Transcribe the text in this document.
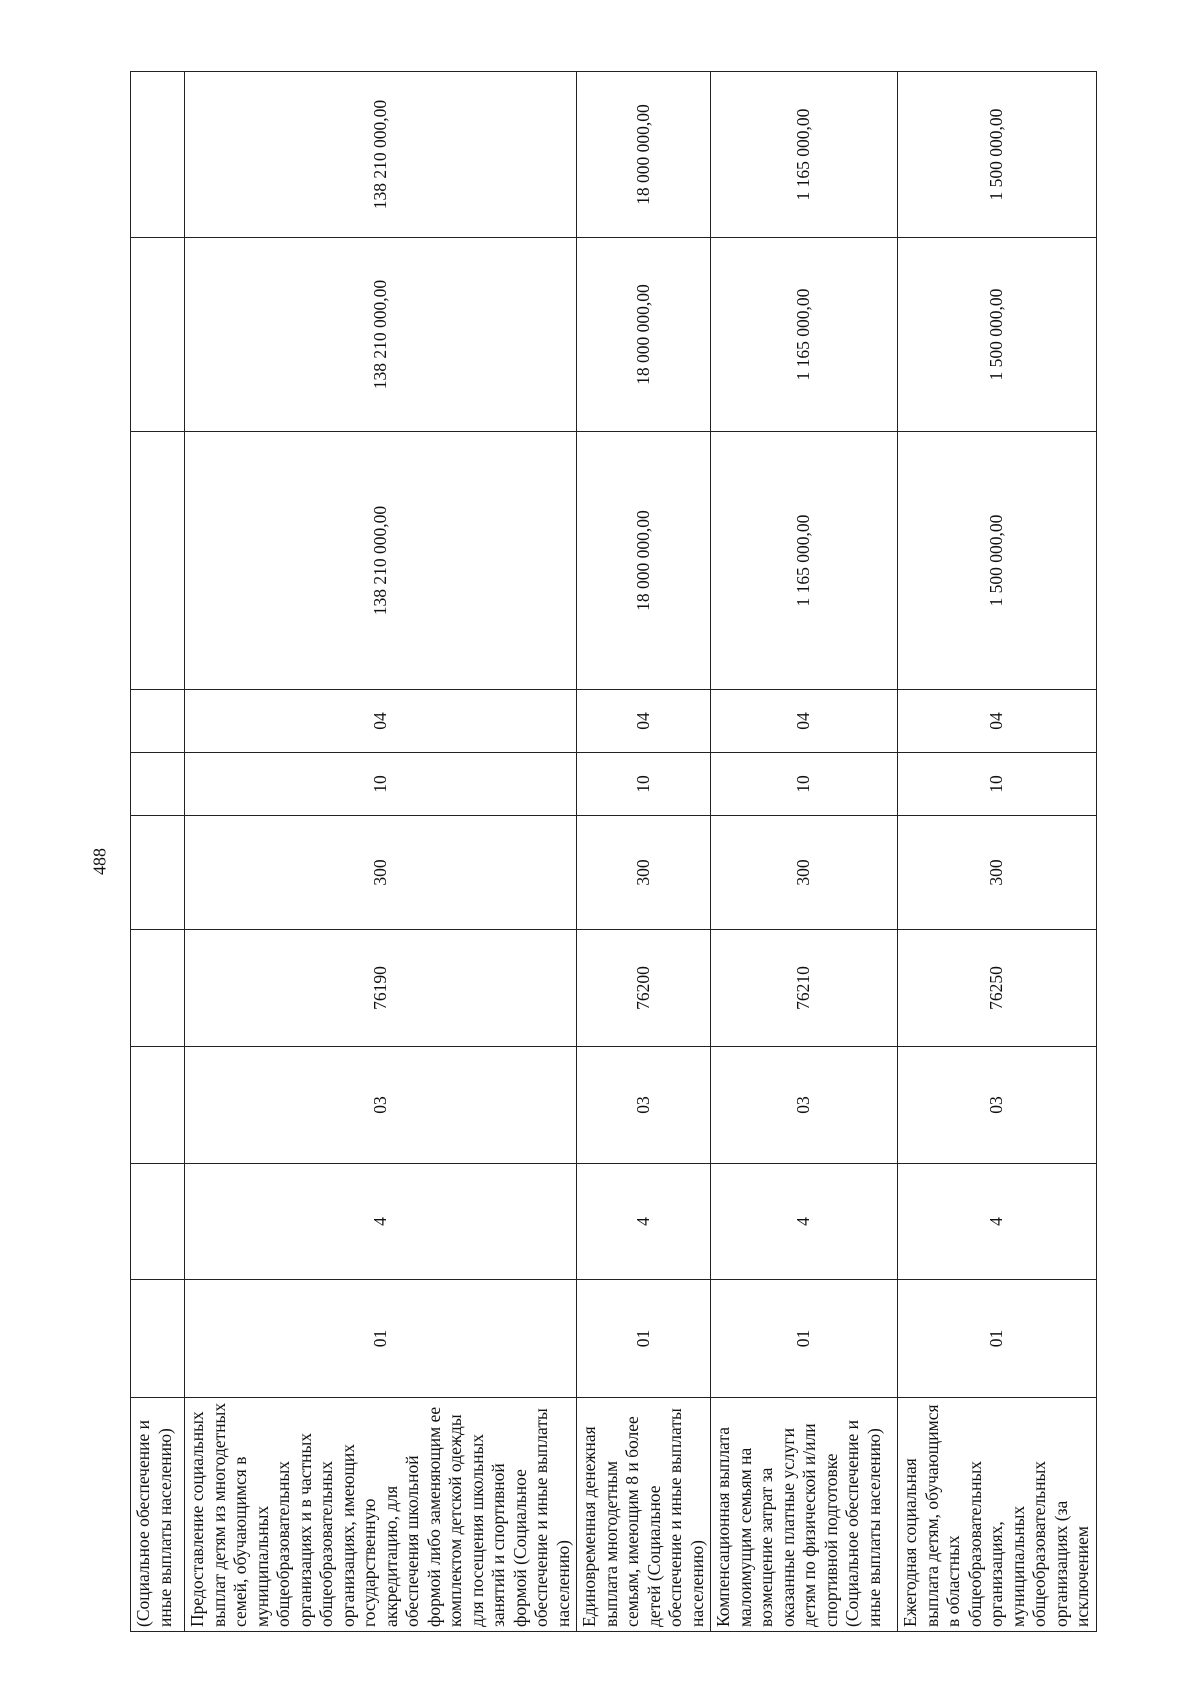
488
(Социальное обеспечение и иные выплаты населению)										
Предоставление социальных выплат детям из многодетных семей, обучающимся в муниципальных общеобразовательных организациях и в частных общеобразовательных организациях, имеющих государственную аккредитацию, для обеспечения школьной формой либо заменяющим ее комплектом детской одежды для посещения школьных занятий и спортивной формой (Социальное обеспечение и иные выплаты населению)	01	4	03	76190	300	10	04	138 210 000,00	138 210 000,00	138 210 000,00
Единовременная денежная выплата многодетным семьям, имеющим 8 и более детей (Социальное обеспечение и иные выплаты населению)	01	4	03	76200	300	10	04	18 000 000,00	18 000 000,00	18 000 000,00
Компенсационная выплата малоимущим семьям на возмещение затрат за оказанные платные услуги детям по физической и/или спортивной подготовке (Социальное обеспечение и иные выплаты населению)	01	4	03	76210	300	10	04	1 165 000,00	1 165 000,00	1 165 000,00
Ежегодная социальная выплата детям, обучающимся в областных общеобразовательных организациях, муниципальных общеобразовательных организациях (за исключением	01	4	03	76250	300	10	04	1 500 000,00	1 500 000,00	1 500 000,00
